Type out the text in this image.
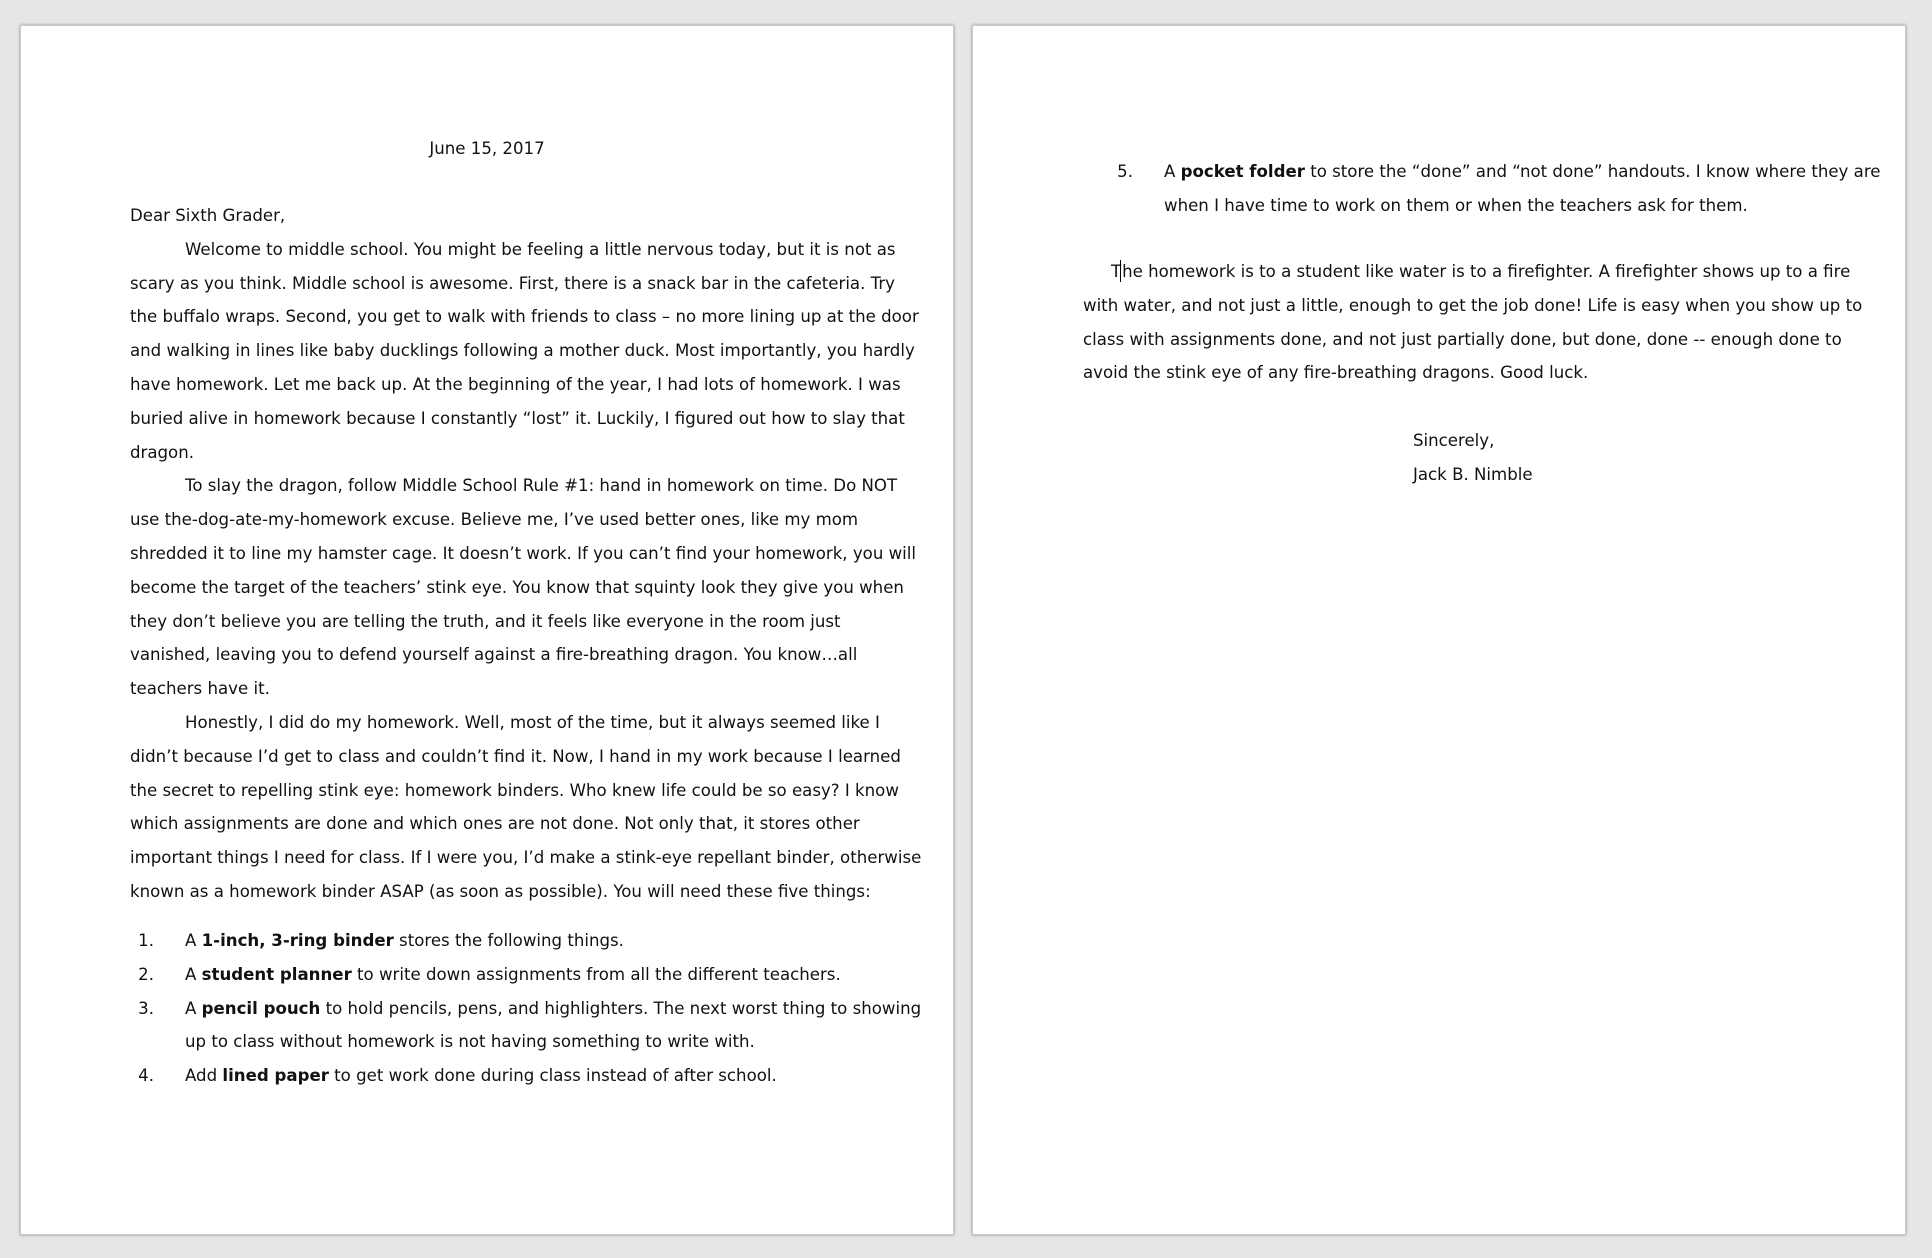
June 15, 2017
Dear Sixth Grader,
Welcome to middle school. You might be feeling a little nervous today, but it is not as
scary as you think. Middle school is awesome. First, there is a snack bar in the cafeteria. Try
the buffalo wraps. Second, you get to walk with friends to class – no more lining up at the door
and walking in lines like baby ducklings following a mother duck. Most importantly, you hardly
have homework. Let me back up. At the beginning of the year, I had lots of homework. I was
buried alive in homework because I constantly “lost” it. Luckily, I figured out how to slay that
dragon.
To slay the dragon, follow Middle School Rule #1: hand in homework on time. Do NOT
use the-dog-ate-my-homework excuse. Believe me, I’ve used better ones, like my mom
shredded it to line my hamster cage. It doesn’t work. If you can’t find your homework, you will
become the target of the teachers’ stink eye. You know that squinty look they give you when
they don’t believe you are telling the truth, and it feels like everyone in the room just
vanished, leaving you to defend yourself against a fire-breathing dragon. You know…all
teachers have it.
Honestly, I did do my homework. Well, most of the time, but it always seemed like I
didn’t because I’d get to class and couldn’t find it. Now, I hand in my work because I learned
the secret to repelling stink eye: homework binders. Who knew life could be so easy? I know
which assignments are done and which ones are not done. Not only that, it stores other
important things I need for class. If I were you, I’d make a stink-eye repellant binder, otherwise
known as a homework binder ASAP (as soon as possible). You will need these five things:
1.	A 1-inch, 3-ring binder stores the following things.
2.	A student planner to write down assignments from all the different teachers.
3.	A pencil pouch to hold pencils, pens, and highlighters. The next worst thing to showing
up to class without homework is not having something to write with.
4.	Add lined paper to get work done during class instead of after school.
5.	A pocket folder to store the “done” and “not done” handouts. I know where they are
when I have time to work on them or when the teachers ask for them.
The homework is to a student like water is to a firefighter. A firefighter shows up to a fire
with water, and not just a little, enough to get the job done! Life is easy when you show up to
class with assignments done, and not just partially done, but done, done -- enough done to
avoid the stink eye of any fire-breathing dragons. Good luck.
Sincerely,
Jack B. Nimble
